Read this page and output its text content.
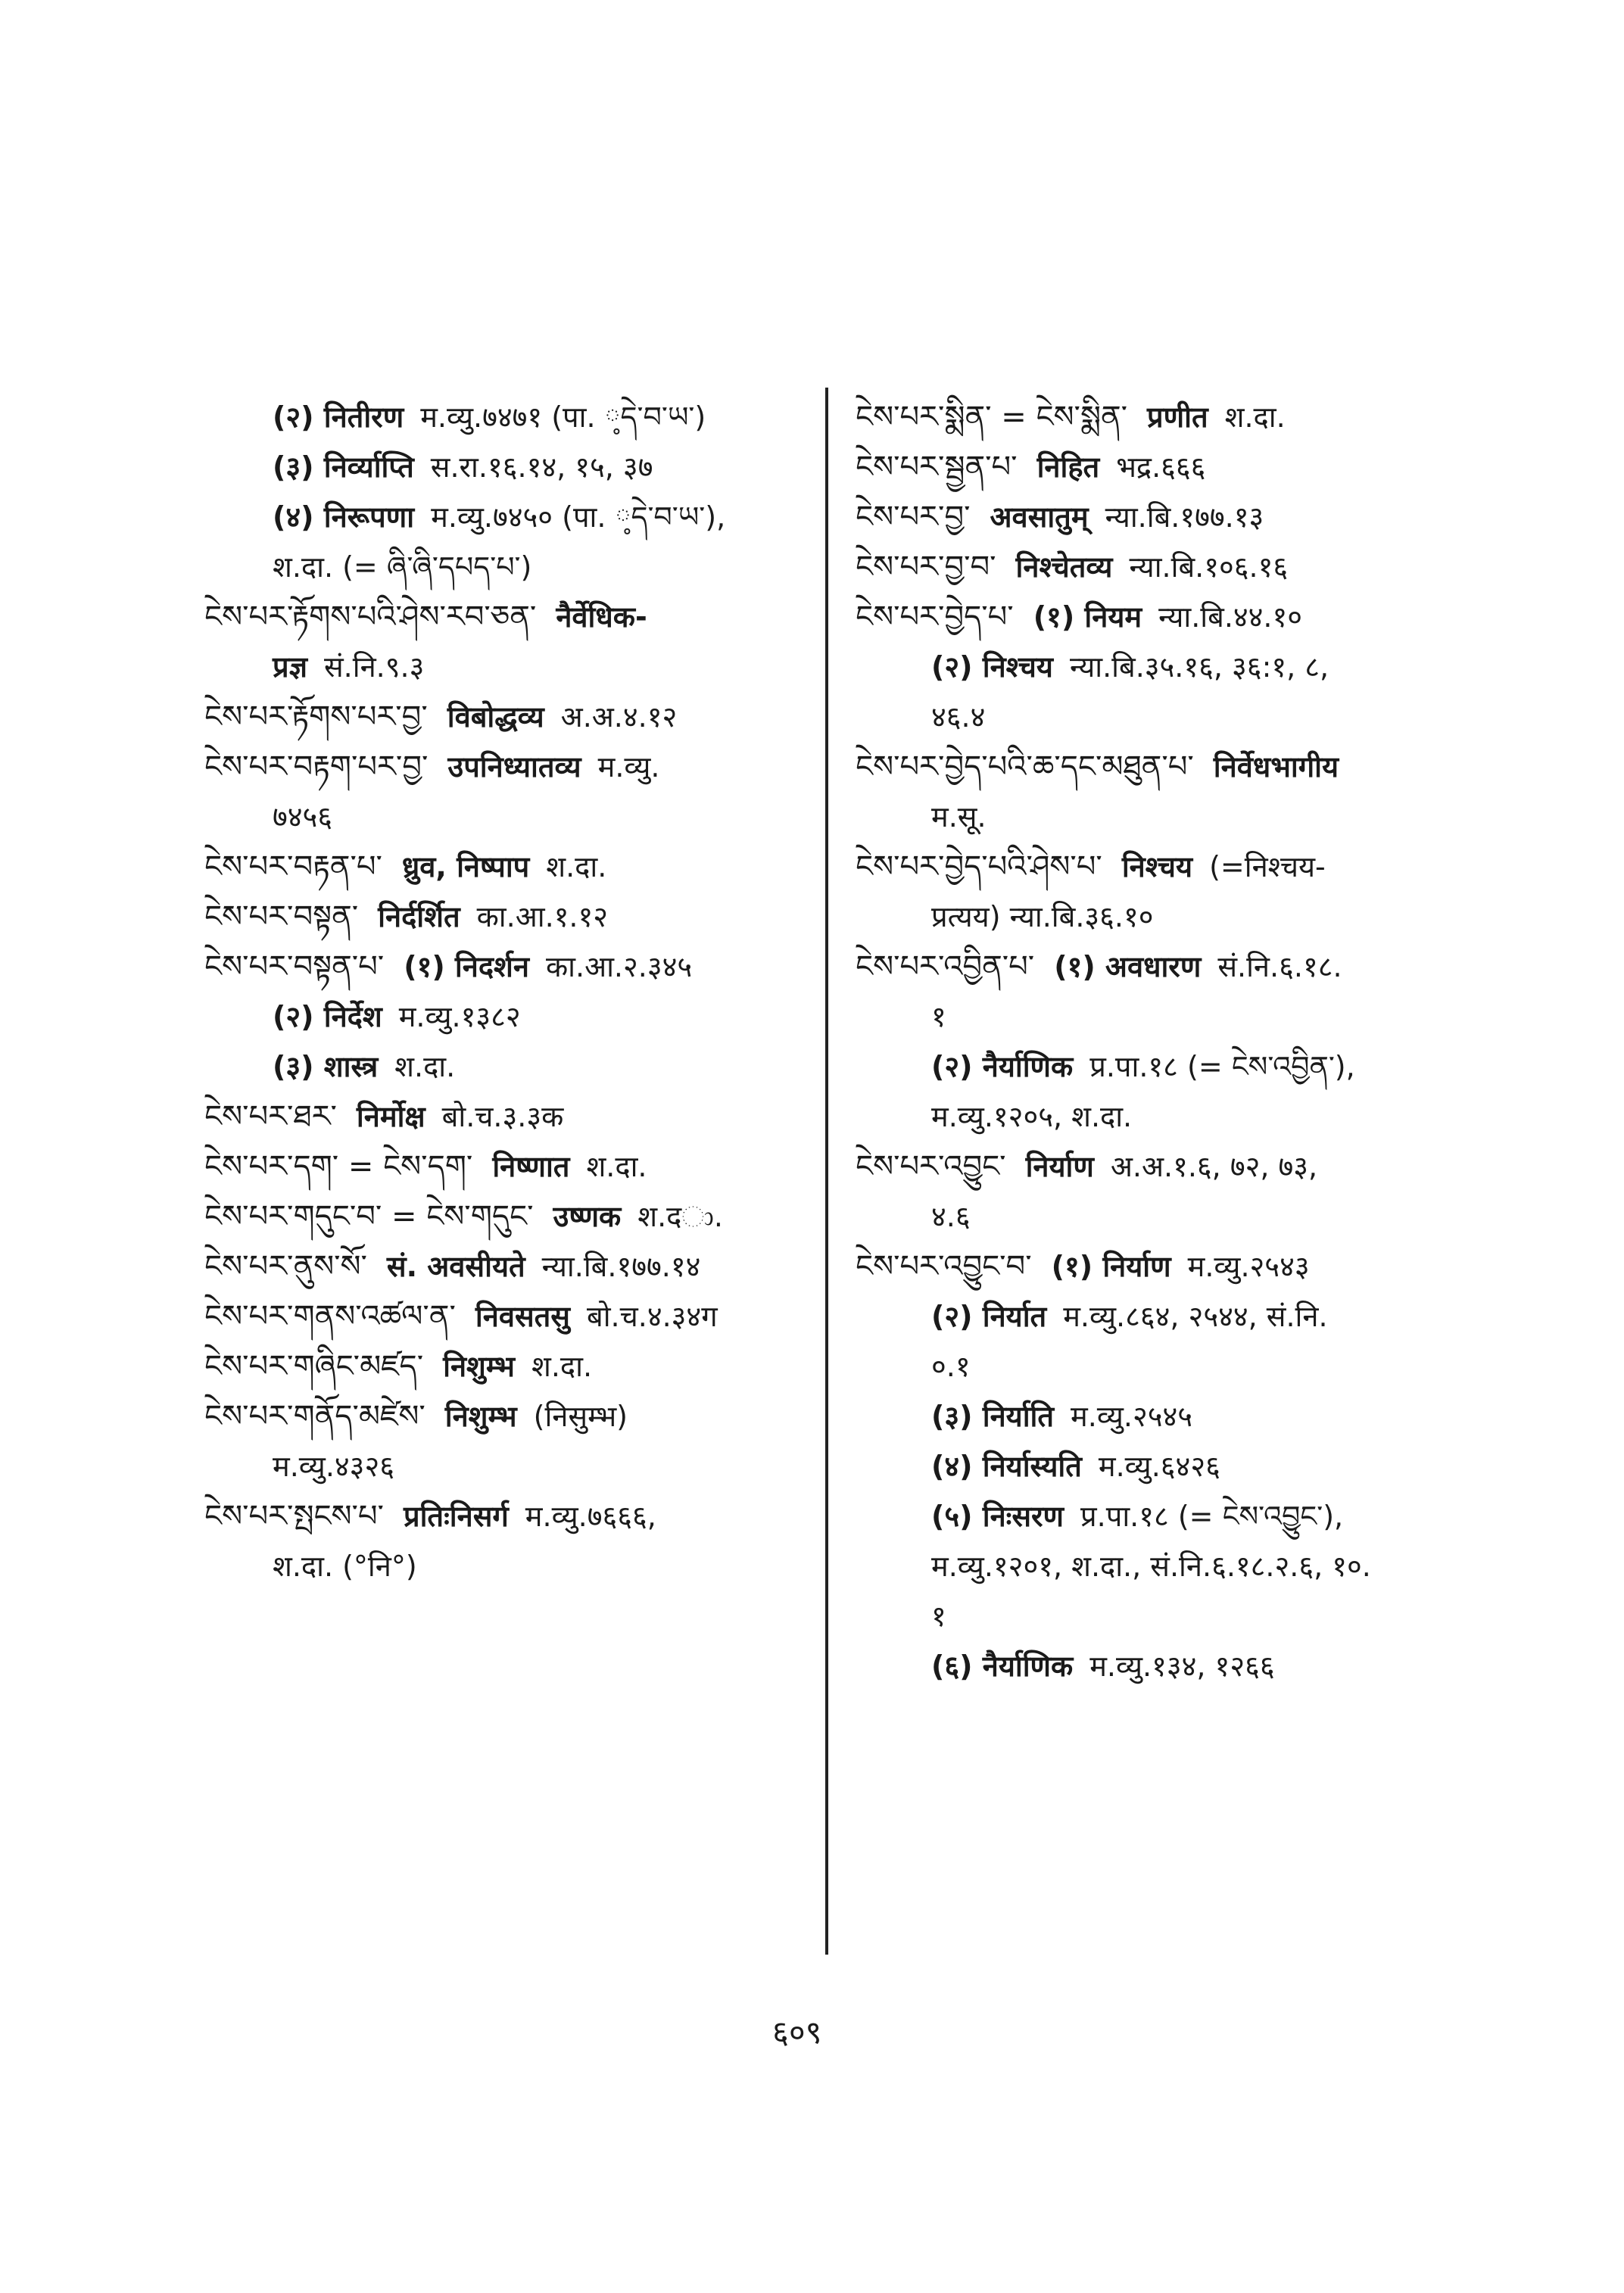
(२) नितीरण म.व्यु.७४७१ (पा. ༷དེ་བ་ཡ་)
(३) निर्व्याप्ति स.रा.१६.१४, १५, ३७
(४) निरूपणा म.व्यु.७४५० (पा. ༷དེ་བ་ཡ་),
श.दा. (= ཞི་ཞི་དཔད་པ་)
ངེས་པར་རྟོགས་པའི་ཤེས་རབ་ཅན་ नैर्वेधिक-
प्रज्ञ सं.नि.९.३
ངེས་པར་རྟོགས་པར་བྱ་ विबोद्धव्य अ.अ.४.१२
ངེས་པར་བརྟག་པར་བྱ་ उपनिध्यातव्य म.व्यु.
७४५६
ངེས་པར་བརྟན་པ་ ध्रुव, निष्पाप श.दा.
ངེས་པར་བསྟན་ निर्दर्शित का.आ.१.१२
ངེས་པར་བསྟན་པ་ (१) निदर्शन का.आ.२.३४५
(२) निर्देश म.व्यु.१३८२
(३) शास्त्र श.दा.
ངེས་པར་ཐར་ निर्मोक्ष बो.च.३.३क
ངེས་པར་དག་ = ངེས་དག་ निष्णात श.दा.
ངེས་པར་གདུང་བ་ = ངེས་གདུང་ उष्णक श.दා.
ངེས་པར་ནུས་སོ་ सं. अवसीयते न्या.बि.१७७.१४
ངེས་པར་གནས་འཚལ་ན་ निवसतसु बो.च.४.३४ग
ངེས་པར་གཞིང་མཛད་ निशुम्भ श.दा.
ངེས་པར་གནོད་མཛེས་ निशुम्भ (निसुम्भ)
म.व्यु.४३२६
ངེས་པར་སྤངས་པ་ प्रतिःनिसर्ग म.व्यु.७६६६,
श.दा. (°नि°)
ངེས་པར་སྨིན་ = ངེས་སྨིན་ प्रणीत श.दा.
ངེས་པར་སྦྱན་པ་ निहित भद्र.६६६
ངེས་པར་བྱ་ अवसातुम् न्या.बि.१७७.१३
ངེས་པར་བྱ་བ་ निश्चेतव्य न्या.बि.१०६.१६
ངེས་པར་བྱེད་པ་ (१) नियम न्या.बि.४४.१०
(२) निश्चय न्या.बि.३५.१६, ३६:१, ८,
४६.४
ངེས་པར་བྱེད་པའི་ཆ་དང་མཐུན་པ་ निर्वेधभागीय
म.सू.
ངེས་པར་བྱེད་པའི་ཤེས་པ་ निश्चय (=निश्चय-
प्रत्यय) न्या.बि.३६.१०
ངེས་པར་འབྱིན་པ་ (१) अवधारण सं.नि.६.१८.
१
(२) नैर्याणिक प्र.पा.१८ (= ངེས་འབྱིན་),
म.व्यु.१२०५, श.दा.
ངེས་པར་འབྱུང་ निर्याण अ.अ.१.६, ७२, ७३,
४.६
ངེས་པར་འབྱུང་བ་ (१) निर्याण म.व्यु.२५४३
(२) निर्यात म.व्यु.८६४, २५४४, सं.नि.
०.१
(३) निर्याति म.व्यु.२५४५
(४) निर्यास्यति म.व्यु.६४२६
(५) निःसरण प्र.पा.१८ (= ངེས་འབྱུང་),
म.व्यु.१२०१, श.दा., सं.नि.६.१८.२.६, १०.
१
(६) नैर्याणिक म.व्यु.१३४, १२६६
६०९
